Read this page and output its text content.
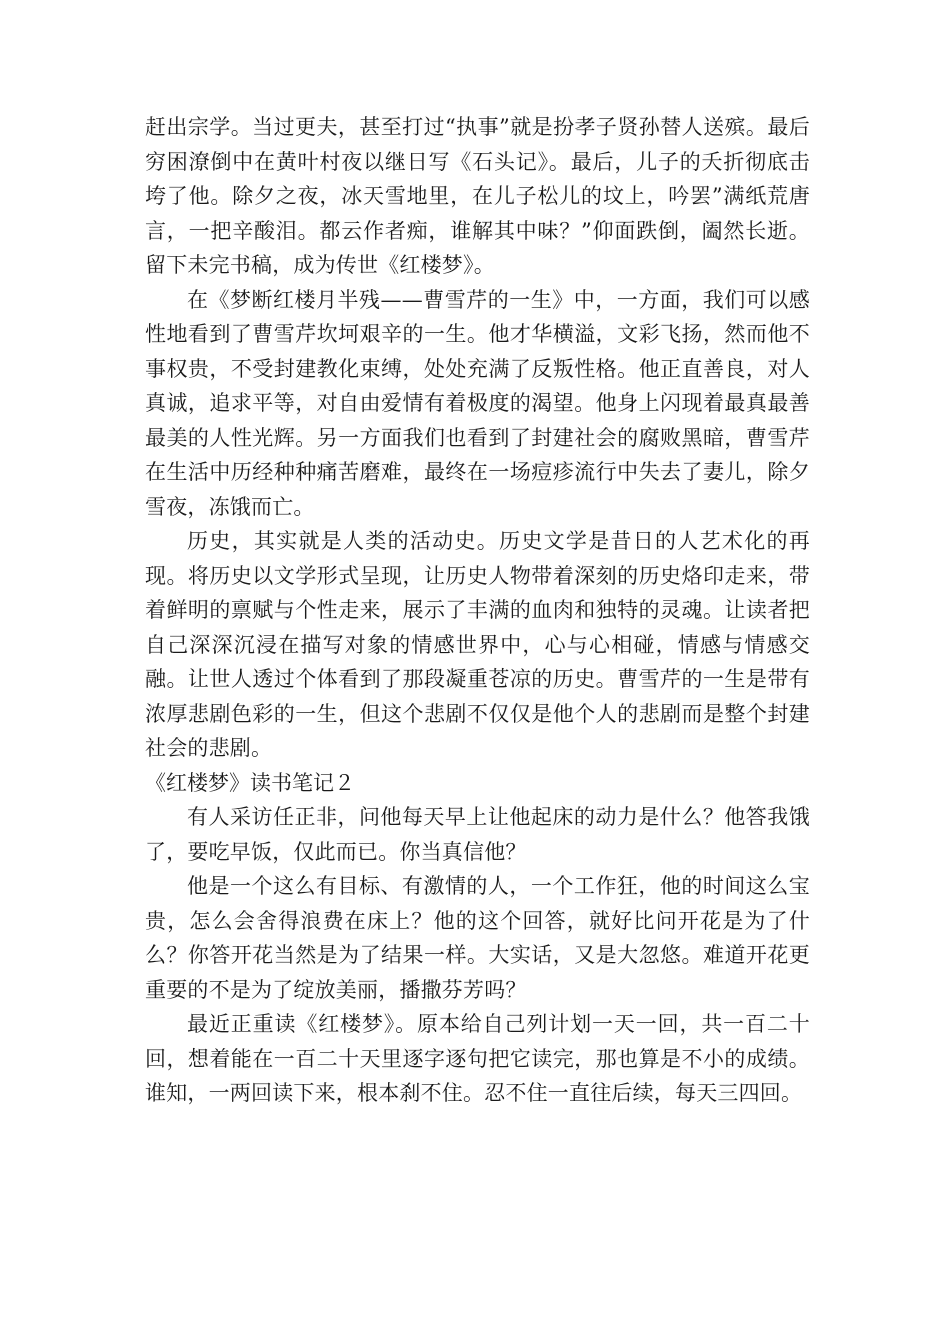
赶出宗学。当过更夫，甚至打过“执事”就是扮孝子贤孙替人送殡。最后穷困潦倒中在黄叶村夜以继日写《石头记》。最后，儿子的夭折彻底击垮了他。除夕之夜，冰天雪地里，在儿子松儿的坟上，吟罢”满纸荒唐言，一把辛酸泪。都云作者痴，谁解其中味？”仰面跌倒，阖然长逝。留下未完书稿，成为传世《红楼梦》。

在《梦断红楼月半残——曹雪芹的一生》中，一方面，我们可以感性地看到了曹雪芹坎坷艰辛的一生。他才华横溢，文彩飞扬，然而他不事权贵，不受封建教化束缚，处处充满了反叛性格。他正直善良，对人真诚，追求平等，对自由爱情有着极度的渴望。他身上闪现着最真最善最美的人性光辉。另一方面我们也看到了封建社会的腐败黑暗，曹雪芹在生活中历经种种痛苦磨难，最终在一场痘疹流行中失去了妻儿，除夕雪夜，冻饿而亡。

历史，其实就是人类的活动史。历史文学是昔日的人艺术化的再现。将历史以文学形式呈现，让历史人物带着深刻的历史烙印走来，带着鲜明的禀赋与个性走来，展示了丰满的血肉和独特的灵魂。让读者把自己深深沉浸在描写对象的情感世界中，心与心相碰，情感与情感交融。让世人透过个体看到了那段凝重苍凉的历史。曹雪芹的一生是带有浓厚悲剧色彩的一生，但这个悲剧不仅仅是他个人的悲剧而是整个封建社会的悲剧。

《红楼梦》读书笔记２

有人采访任正非，问他每天早上让他起床的动力是什么？他答我饿了，要吃早饭，仅此而已。你当真信他？

他是一个这么有目标、有激情的人，一个工作狂，他的时间这么宝贵，怎么会舍得浪费在床上？他的这个回答，就好比问开花是为了什么？你答开花当然是为了结果一样。大实话，又是大忽悠。难道开花更重要的不是为了绽放美丽，播撒芬芳吗？

最近正重读《红楼梦》。原本给自己列计划一天一回，共一百二十回，想着能在一百二十天里逐字逐句把它读完，那也算是不小的成绩。谁知，一两回读下来，根本刹不住。忍不住一直往后续，每天三四回。
